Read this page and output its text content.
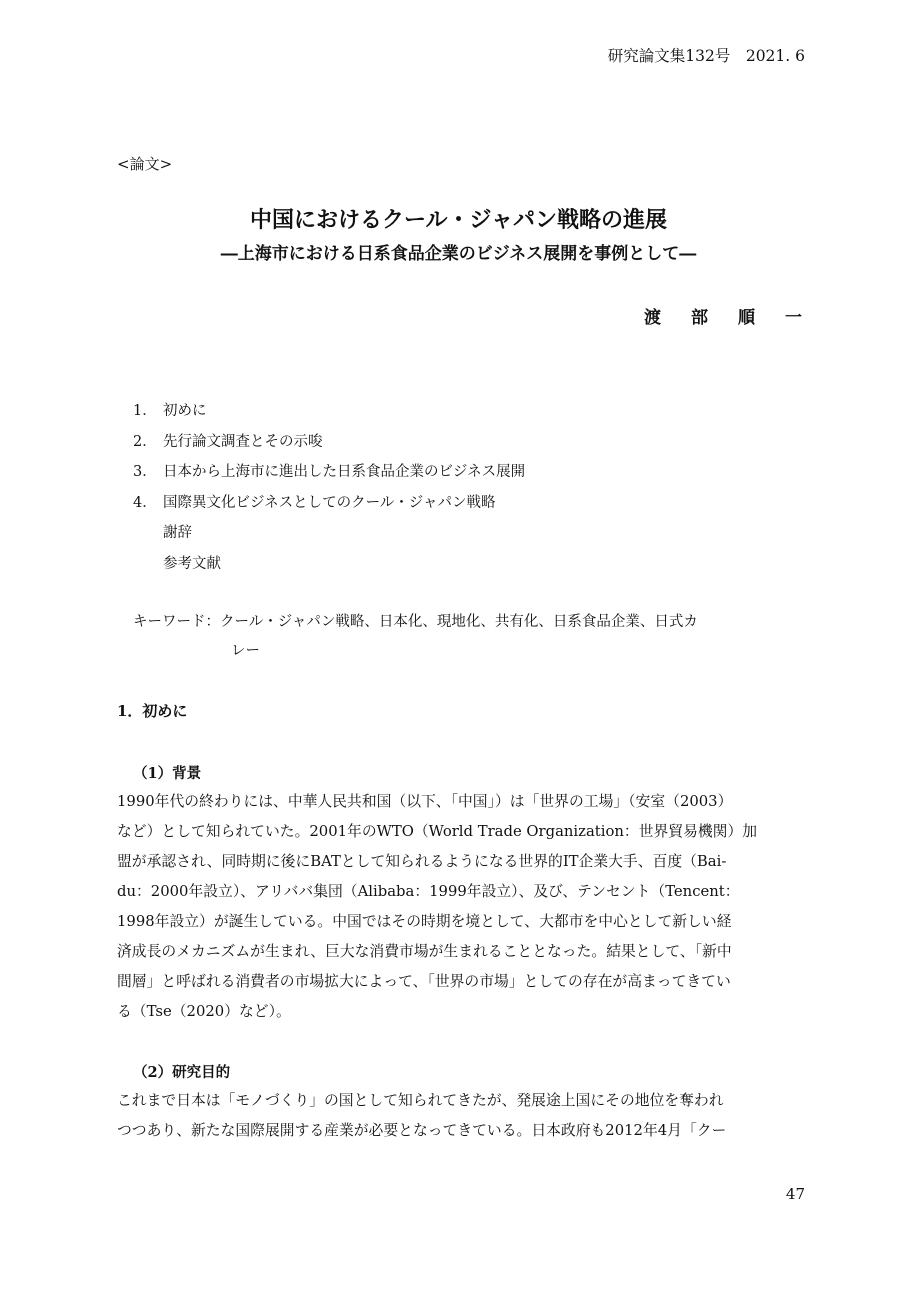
研究論文集132号　2021. 6
<論文>
中国におけるクール・ジャパン戦略の進展
―上海市における日系食品企業のビジネス展開を事例として―
渡部順一
1． 初めに
2． 先行論文調査とその示唆
3． 日本から上海市に進出した日系食品企業のビジネス展開
4． 国際異文化ビジネスとしてのクール・ジャパン戦略
謝辞
参考文献
キーワード：クール・ジャパン戦略、日本化、現地化、共有化、日系食品企業、日式カ
レー
1．初めに
（1）背景
1990年代の終わりには、中華人民共和国（以下、「中国」）は「世界の工場」（安室（2003）
など）として知られていた。2001年のWTO（World Trade Organization：世界貿易機関）加
盟が承認され、同時期に後にBATとして知られるようになる世界的IT企業大手、百度（Bai-
du：2000年設立）、アリババ集団（Alibaba：1999年設立）、及び、テンセント（Tencent：
1998年設立）が誕生している。中国ではその時期を境として、大都市を中心として新しい経
済成長のメカニズムが生まれ、巨大な消費市場が生まれることとなった。結果として、「新中
間層」と呼ばれる消費者の市場拡大によって、「世界の市場」としての存在が高まってきてい
る（Tse（2020）など）。
（2）研究目的
これまで日本は「モノづくり」の国として知られてきたが、発展途上国にその地位を奪われ
つつあり、新たな国際展開する産業が必要となってきている。日本政府も2012年4月「クー
47
